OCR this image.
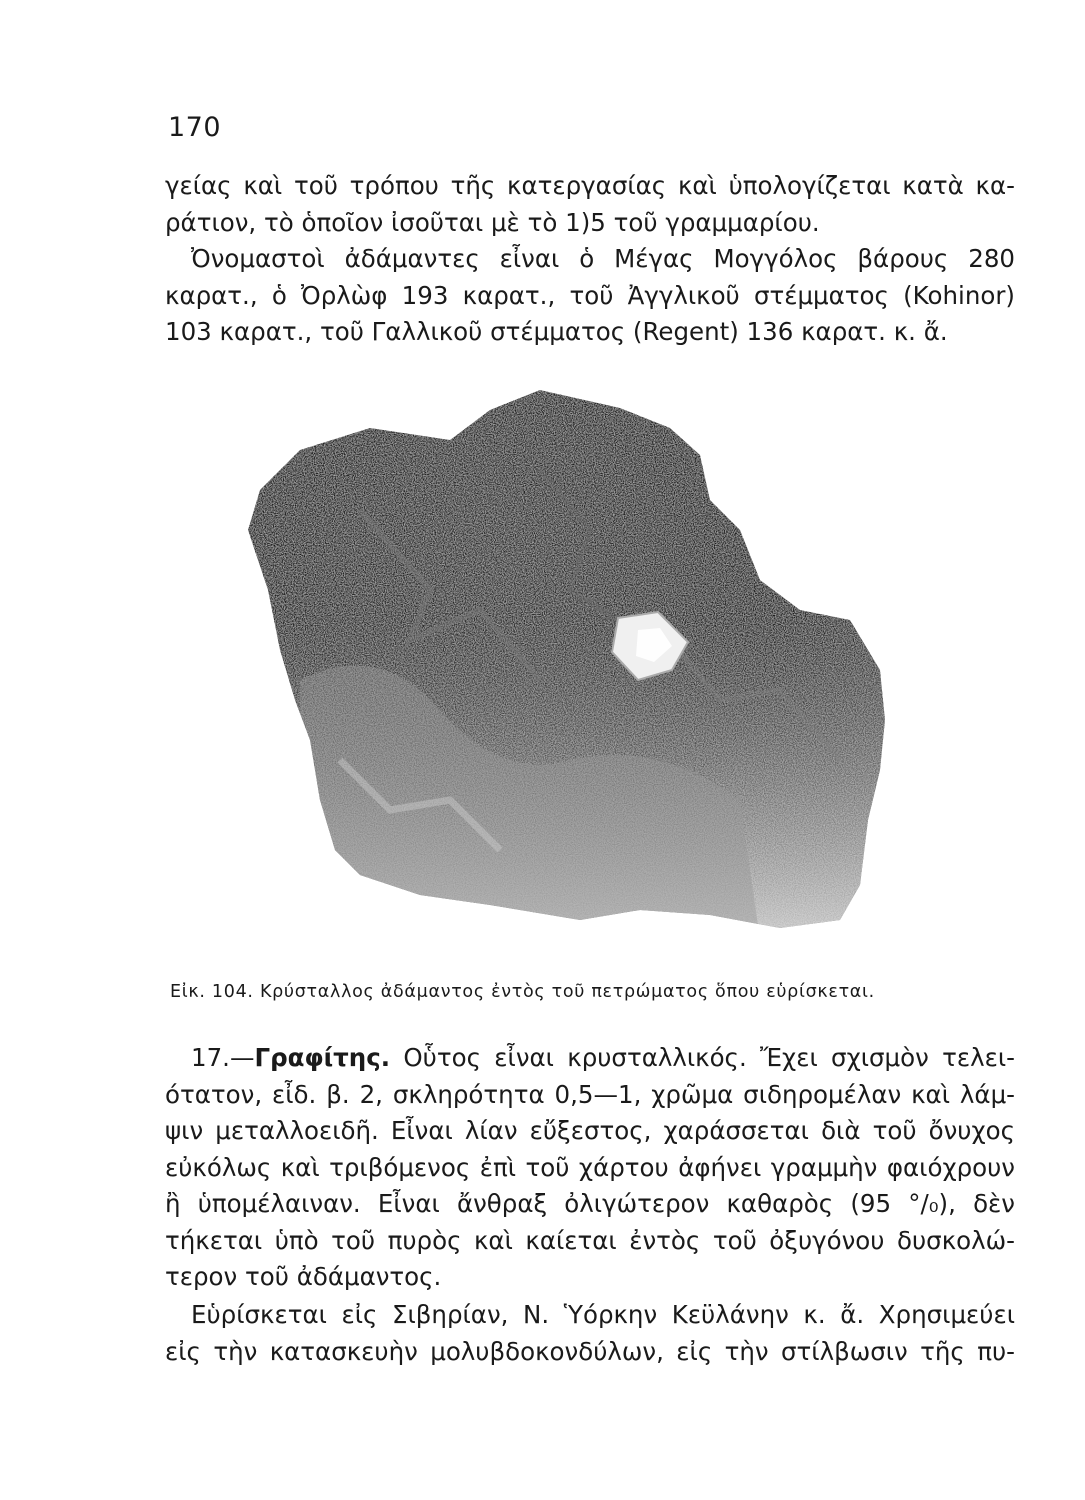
170
γείας καὶ τοῦ τρόπου τῆς κατεργασίας καὶ ὑπολογίζεται κατὰ κα-
ράτιον, τὸ ὁποῖον ἰσοῦται μὲ τὸ 1)5 τοῦ γραμμαρίου.
Ὀνομαστοὶ ἀδάμαντες εἶναι ὁ Μέγας Μογγόλος βάρους 280
καρατ., ὁ Ὀρλὼφ 193 καρατ., τοῦ Ἀγγλικοῦ στέμματος (Kohinor)
103 καρατ., τοῦ Γαλλικοῦ στέμματος (Regent) 136 καρατ. κ. ἄ.
Εἰκ. 104. Κρύσταλλος ἀδάμαντος ἐντὸς τοῦ πετρώματος ὅπου εὑρίσκεται.
17.—Γραφίτης. Οὗτος εἶναι κρυσταλλικός. Ἔχει σχισμὸν τελει-
ότατον, εἶδ. β. 2, σκληρότητα 0,5—1, χρῶμα σιδηρομέλαν καὶ λάμ-
ψιν μεταλλοειδῆ. Εἶναι λίαν εὔξεστος, χαράσσεται διὰ τοῦ ὄνυχος
εὐκόλως καὶ τριβόμενος ἐπὶ τοῦ χάρτου ἀφήνει γραμμὴν φαιόχρουν
ἢ ὑπομέλαιναν. Εἶναι ἄνθραξ ὀλιγώτερον καθαρὸς (95 °/₀), δὲν
τήκεται ὑπὸ τοῦ πυρὸς καὶ καίεται ἐντὸς τοῦ ὀξυγόνου δυσκολώ-
τερον τοῦ ἀδάμαντος.
Εὑρίσκεται εἰς Σιβηρίαν, Ν. Ὑόρκην Κεϋλάνην κ. ἄ. Χρησιμεύει
εἰς τὴν κατασκευὴν μολυβδοκονδύλων, εἰς τὴν στίλβωσιν τῆς πυ-
